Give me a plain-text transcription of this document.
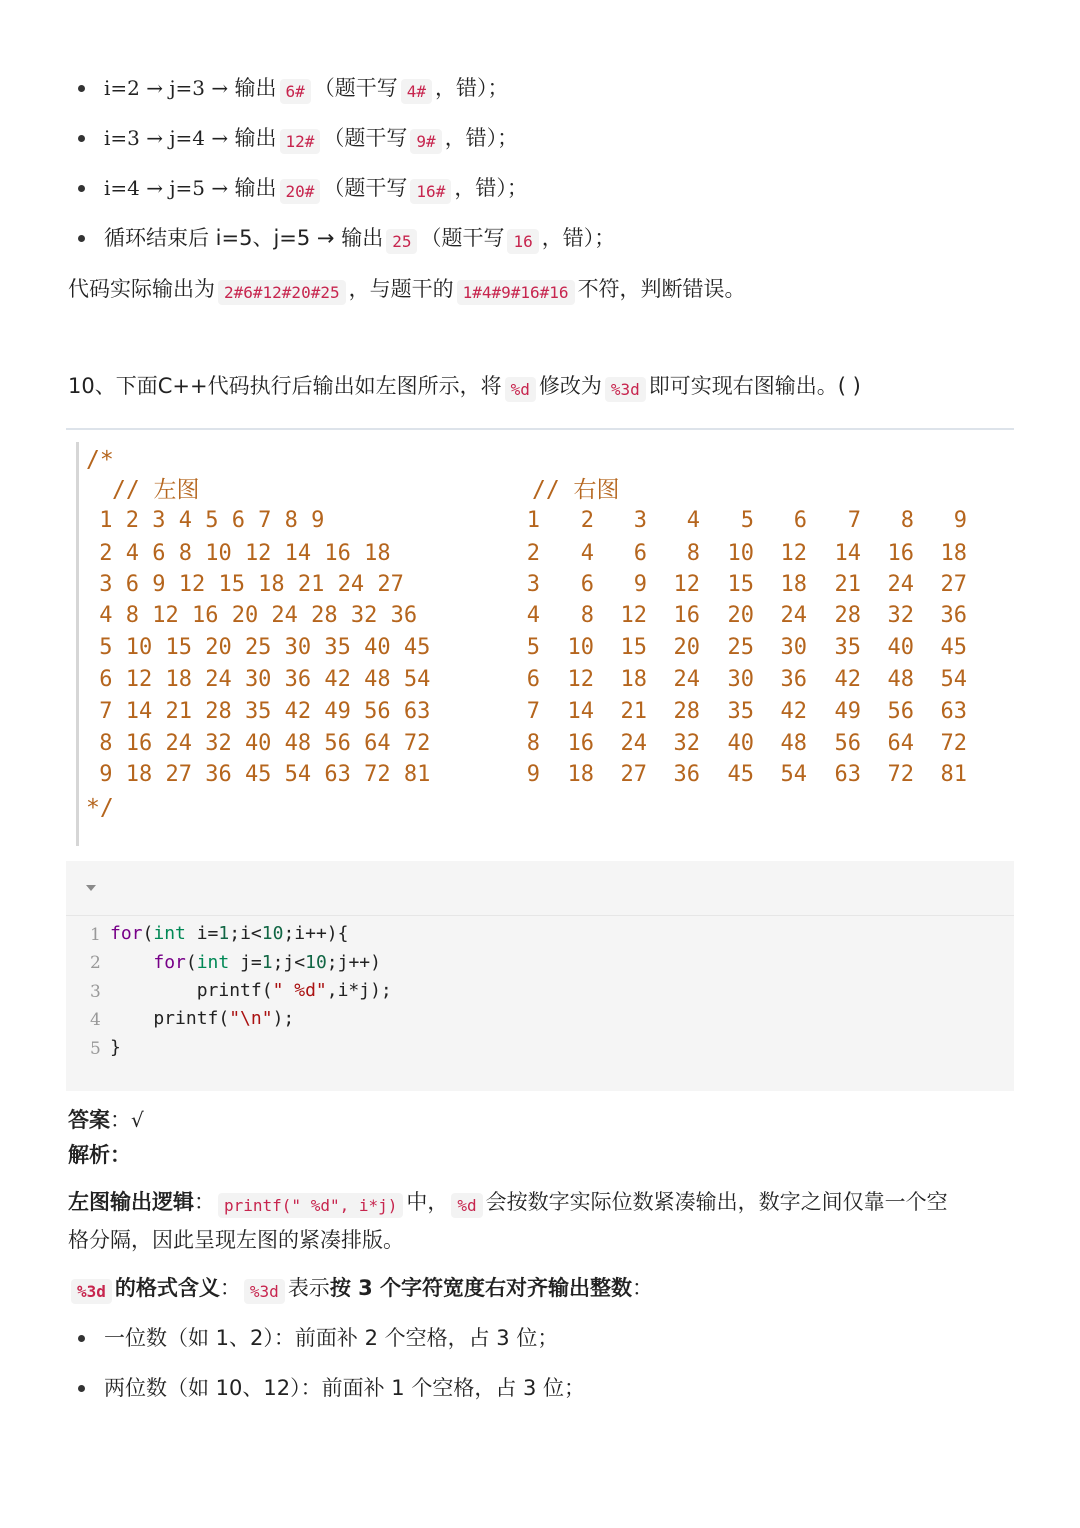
i=2 → j=3 → 输出 6# （题干写 4# ，错）；
i=3 → j=4 → 输出 12# （题干写 9# ，错）；
i=4 → j=5 → 输出 20# （题干写 16# ，错）；
循环结束后 i=5、j=5 → 输出 25 （题干写 16 ，错）；
代码实际输出为 2#6#12#20#25 ，与题干的 1#4#9#16#16 不符，判断错误。
10、下面C++代码执行后输出如左图所示，将 %d 修改为 %3d 即可实现右图输出。( )
/*
// 左图	// 右图
1 2 3 4 5 6 7 8 9
2 4 6 8 10 12 14 16 18
3 6 9 12 15 18 21 24 27
4 8 12 16 20 24 28 32 36
5 10 15 20 25 30 35 40 45
6 12 18 24 30 36 42 48 54
7 14 21 28 35 42 49 56 63
8 16 24 32 40 48 56 64 72
9 18 27 36 45 54 63 72 81
1	2	3	4	5	6	7	8	9
2	4	6	8	10	12	14	16	18
3	6	9	12	15	18	21	24	27
4	8	12	16	20	24	28	32	36
5	10	15	20	25	30	35	40	45
6	12	18	24	30	36	42	48	54
7	14	21	28	35	42	49	56	63
8	16	24	32	40	48	56	64	72
9	18	27	36	45	54	63	72	81
*/
1
2
3
4
5
for(int i=1;i<10;i++){
for(int j=1;j<10;j++)
printf(" %d",i*j);
printf("\n");
}
答案：√
解析：
左图输出逻辑： printf(" %d", i*j) 中， %d 会按数字实际位数紧凑输出，数字之间仅靠一个空
格分隔，因此呈现左图的紧凑排版。
%3d 的格式含义： %3d 表示按 3 个字符宽度右对齐输出整数：
一位数（如 1、2）：前面补 2 个空格，占 3 位；
两位数（如 10、12）：前面补 1 个空格，占 3 位；
